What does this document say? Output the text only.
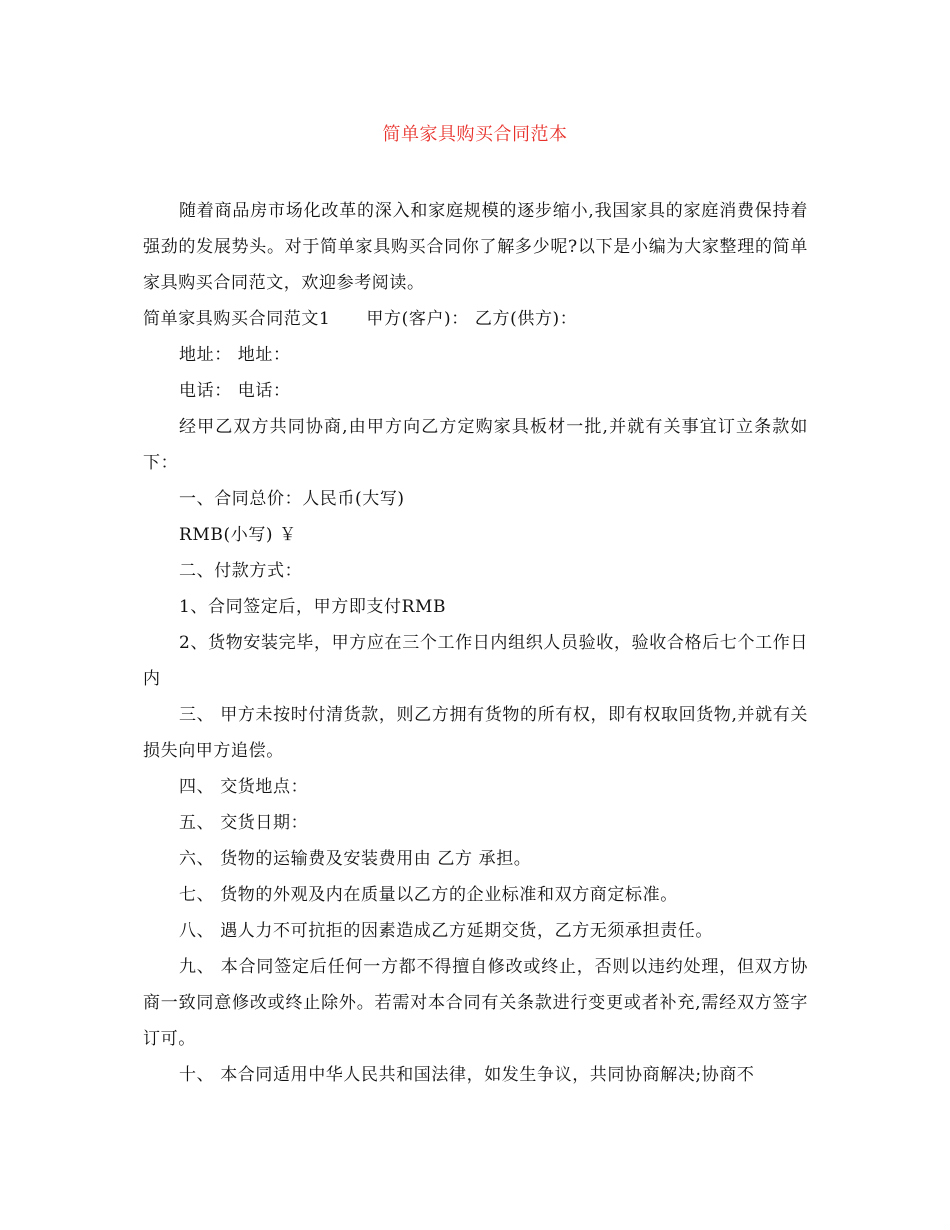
简单家具购买合同范本

随着商品房市场化改革的深入和家庭规模的逐步缩小,我国家具的家庭消费保持着强劲的发展势头。对于简单家具购买合同你了解多少呢?以下是小编为大家整理的简单家具购买合同范文，欢迎参考阅读。

简单家具购买合同范文1 甲方(客户)： 乙方(供方)：

地址： 地址：

电话： 电话：

经甲乙双方共同协商,由甲方向乙方定购家具板材一批,并就有关事宜订立条款如下：

一、合同总价：人民币(大写)

RMB(小写) ￥

二、付款方式：

1、合同签定后，甲方即支付RMB

2、货物安装完毕，甲方应在三个工作日内组织人员验收，验收合格后七个工作日内

三、 甲方未按时付清货款，则乙方拥有货物的所有权，即有权取回货物,并就有关损失向甲方追偿。

四、 交货地点：

五、 交货日期：

六、 货物的运输费及安装费用由 乙方 承担。

七、 货物的外观及内在质量以乙方的企业标准和双方商定标准。

八、 遇人力不可抗拒的因素造成乙方延期交货，乙方无须承担责任。

九、 本合同签定后任何一方都不得擅自修改或终止，否则以违约处理，但双方协商一致同意修改或终止除外。若需对本合同有关条款进行变更或者补充,需经双方签字订可。

十、 本合同适用中华人民共和国法律，如发生争议，共同协商解决;协商不
